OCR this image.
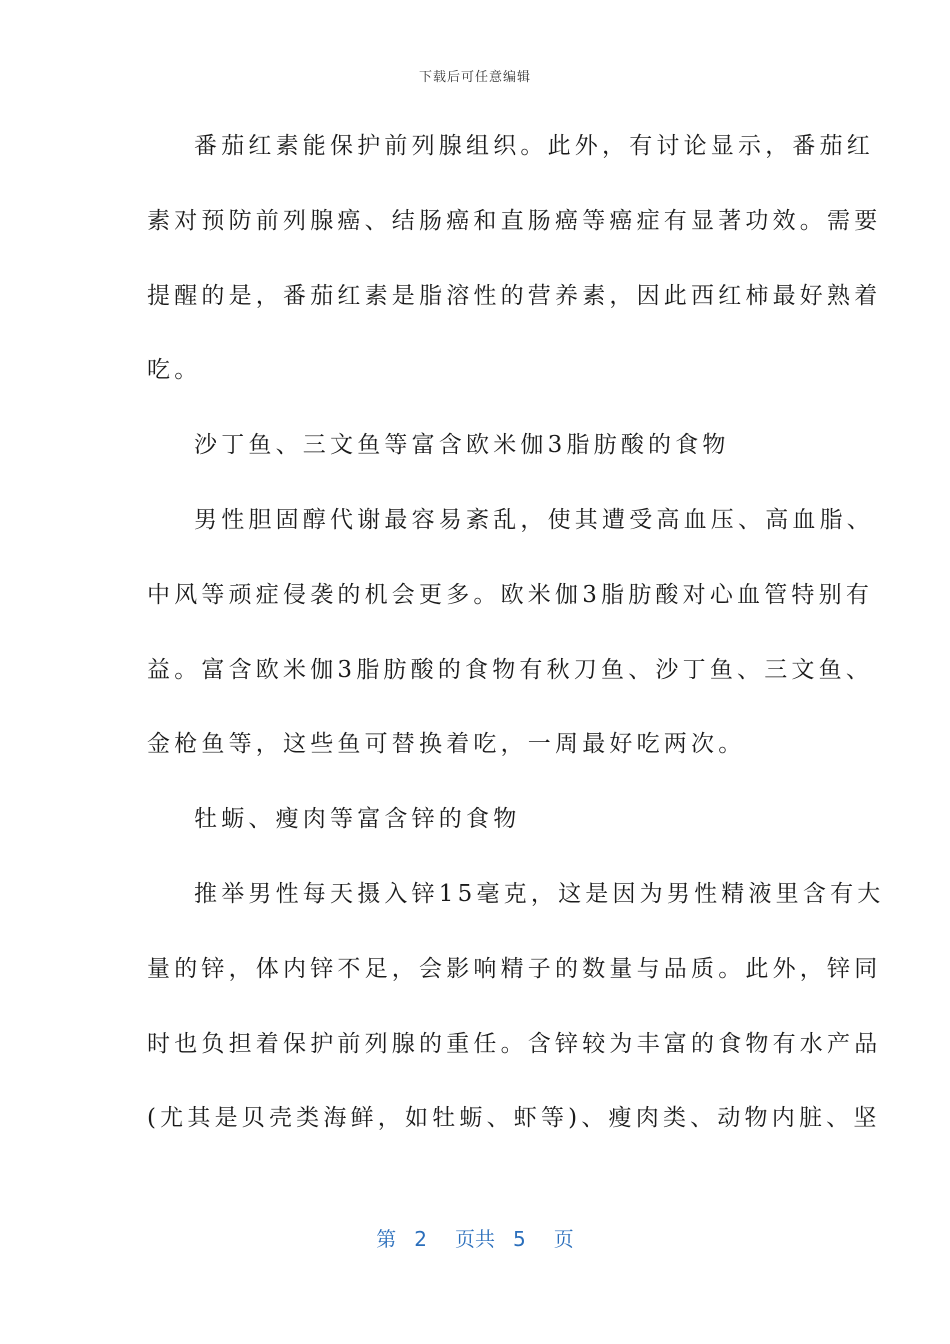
下载后可任意编辑
番茄红素能保护前列腺组织。此外，有讨论显示，番茄红
素对预防前列腺癌、结肠癌和直肠癌等癌症有显著功效。需要
提醒的是，番茄红素是脂溶性的营养素，因此西红柿最好熟着
吃。
沙丁鱼、三文鱼等富含欧米伽3脂肪酸的食物
男性胆固醇代谢最容易紊乱，使其遭受高血压、高血脂、
中风等顽症侵袭的机会更多。欧米伽3脂肪酸对心血管特别有
益。富含欧米伽3脂肪酸的食物有秋刀鱼、沙丁鱼、三文鱼、
金枪鱼等，这些鱼可替换着吃，一周最好吃两次。
牡蛎、瘦肉等富含锌的食物
推举男性每天摄入锌15毫克，这是因为男性精液里含有大
量的锌，体内锌不足，会影响精子的数量与品质。此外，锌同
时也负担着保护前列腺的重任。含锌较为丰富的食物有水产品
(尤其是贝壳类海鲜，如牡蛎、虾等)、瘦肉类、动物内脏、坚
第 2 页共 5 页
